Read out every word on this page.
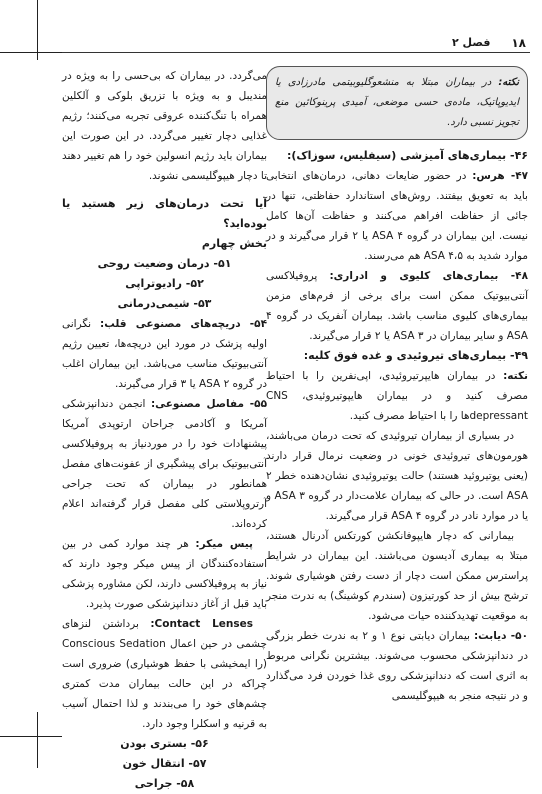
فصل ۲ ۱۸
نکته: در بیماران مبتلا به منشعوگلیوبیتمی مادرزادی یا ایدیوپاتیک، ماده‌ی حسی موضعی، آمیدی پرینوکائین منع تجویز نسبی دارد.

۴۶- بیماری‌های آمیزشی (سیفلیس، سوزاک):

۴۷- هرس: در حضور ضایعات دهانی، درمان‌های انتخابی باید به تعویق بیفتند. روش‌های استاندارد حفاظتی، تنها در جائی از حفاظت افراهم می‌کنند و حفاظت آن‌ها کامل نیست. این بیماران در گروه ۴ ASA یا ۲ قرار می‌گیرند و در موارد شدید به ASA ۴،۵ هم می‌رسند.

۴۸- بیماری‌های کلیوی و ادراری: پروفیلاکسی آنتی‌بیوتیک ممکن است برای برخی از فرم‌های مزمن بیماری‌های کلیوی مناسب باشد. بیماران آنفریک در گروه ۴ ASA و سایر بیماران در ASA ۳ یا ۲ قرار می‌گیرند.

۴۹- بیماری‌های تیروئیدی و غده فوق کلیه:

نکته: در بیماران هایپرتیروئیدی، اپی‌نفرین را با احتیاط مصرف کنید و در بیماران هایپوتیروئیدی، CNS depressant‌ها را با احتیاط مصرف کنید.

در بسیاری از بیماران تیروئیدی که تحت درمان می‌باشند، هورمون‌های تیروئیدی خونی در وضعیت نرمال قرار دارند (یعنی یوتیروئید هستند) حالت یوتیروئیدی نشان‌دهنده خطر ۲ ASA است. در حالی که بیماران علامت‌دار در گروه ASA ۳ و یا در موارد نادر در گروه ۴ ASA قرار می‌گیرند.

بیمارانی که دچار هایپوفانکشن کورتکس آدرنال هستند، مبتلا به بیماری آدیسون می‌باشند. این بیماران در شرایط پراسترس ممکن است دچار از دست رفتن هوشیاری شوند. ترشح بیش از حد کورتیزون (سندرم کوشینگ) به ندرت منجر به موقعیت تهدیدکننده حیات می‌شود.

۵۰- دیابت: بیماران دیابتی نوع ۱ و ۲ به ندرت خطر بزرگی در دندانپزشکی محسوب می‌شوند. بیشترین نگرانی مربوط به اثری است که دندانپزشکی روی غذا خوردن فرد می‌گذارد و در نتیجه منجر به هیپوگلیسمی

می‌گردد. در بیماران که بی‌حسی را به ویژه در مندیبل و به ویژه با تزریق بلوکی و آلکلین همراه با تنگ‌کننده عروقی تجربه می‌کنند؛ رژیم غذایی دچار تغییر می‌گردد. در این صورت این بیماران باید رژیم انسولین خود را هم تغییر دهند تا دچار هیپوگلیسمی نشوند.

آیا تحت درمان‌های زیر هستید یا بوده‌اید؟

بخش چهارم

۵۱- درمان وضعیت روحی

۵۲- رادیوتراپی

۵۳- شیمی‌درمانی

۵۴- دریچه‌های مصنوعی قلب: نگرانی اولیه پزشک در مورد این دریچه‌ها، تعیین رژیم آنتی‌بیوتیک مناسب می‌باشد. این بیماران اغلب در گروه ۲ ASA یا ۳ قرار می‌گیرند.

۵۵- مفاصل مصنوعی: انجمن دندانپزشکی آمریکا و آکادمی جراحان ارتوپدی آمریکا پیشنهادات خود را در موردنیاز به پروفیلاکسی آنتی‌بیوتیک برای پیشگیری از عفونت‌های مفصل همانطور در بیماران که تحت جراحی آرتروپلاستی کلی مفصل قرار گرفته‌اند اعلام کرده‌اند.

پیس میکر: هر چند موارد کمی در بین استفاده‌کنندگان از پیس میکر وجود دارند که نیاز به پروفیلاکسی دارند، لکن مشاوره پزشکی باید قبل از آغاز دندانپزشکی صورت پذیرد.

Contact Lenses: برداشتن لنزهای چشمی در حین اعمال Conscious Sedation (را ایمخیشی با حفظ هوشیاری) ضروری است چراکه در این حالت بیماران مدت کمتری چشم‌های خود را می‌بندند و لذا احتمال آسیب به قرنیه و اسکلرا وجود دارد.

۵۶- بستری بودن

۵۷- انتقال خون

۵۸- جراحی
